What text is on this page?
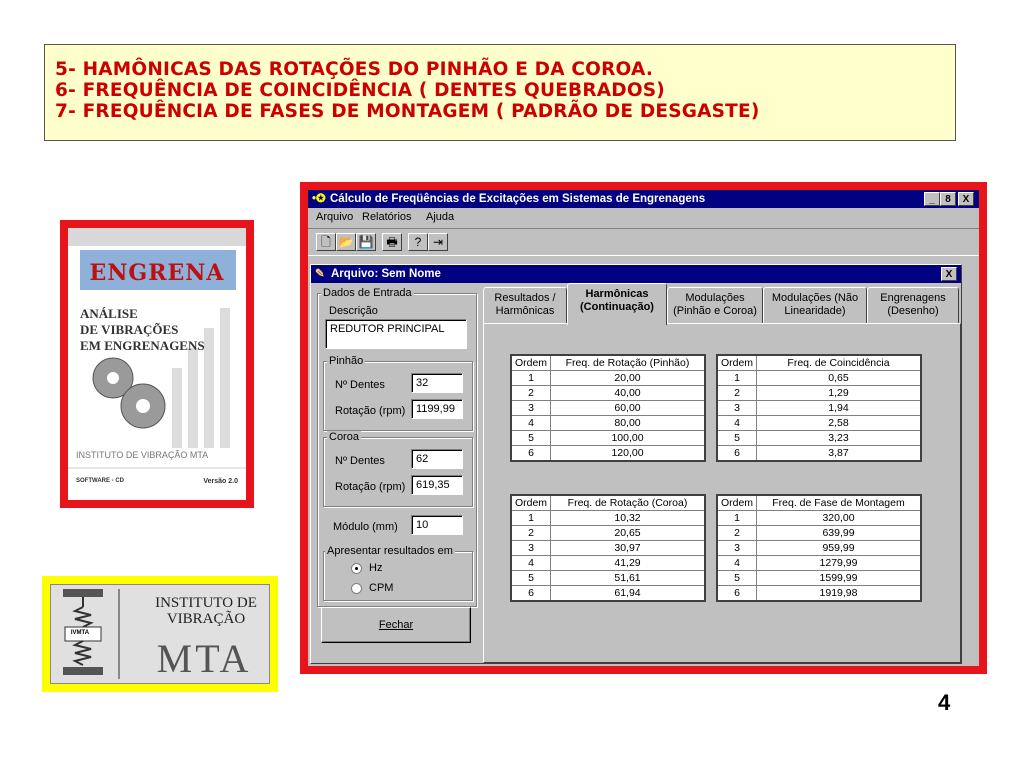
5- HAMÔNICAS DAS ROTAÇÕES DO PINHÃO E DA COROA.
6- FREQUÊNCIA DE COINCIDÊNCIA ( DENTES QUEBRADOS)
7- FREQUÊNCIA DE FASES DE MONTAGEM ( PADRÃO DE DESGASTE)
ENGRENA
ANÁLISE
DE VIBRAÇÕES
EM ENGRENAGENS
INSTITUTO DE VIBRAÇÃO MTA
SOFTWARE - CD	Versão 2.0
IVMTA
INSTITUTO DE
VIBRAÇÃO
MTA
4
•✪ Cálculo de Freqüências de Excitações em Sistemas de Engrenagens	_	8	X
Arquivo Relatórios Ajuda
🗋 📂 💾	🖶	? ⇥
✎ Arquivo: Sem Nome	X
Dados de Entrada
Descrição
REDUTOR PRINCIPAL
Pinhão
Nº Dentes	32
Rotação (rpm) 1199,99
Coroa
Nº Dentes	62
Rotação (rpm) 619,35
Módulo (mm)	10
Apresentar resultados em
Hz
CPM
Fechar
Resultados /
Harmônicas
Harmônicas
(Continuação)
Modulações
(Pinhão e Coroa)
Modulações (Não
Linearidade)
Engrenagens
(Desenho)
Ordem	Freq. de Rotação (Pinhão)
1	20,00
2	40,00
3	60,00
4	80,00
5	100,00
6	120,00
Ordem	Freq. de Coincidência
1	0,65
2	1,29
3	1,94
4	2,58
5	3,23
6	3,87
Ordem	Freq. de Rotação (Coroa)
1	10,32
2	20,65
3	30,97
4	41,29
5	51,61
6	61,94
Ordem	Freq. de Fase de Montagem
1	320,00
2	639,99
3	959,99
4	1279,99
5	1599,99
6	1919,98
